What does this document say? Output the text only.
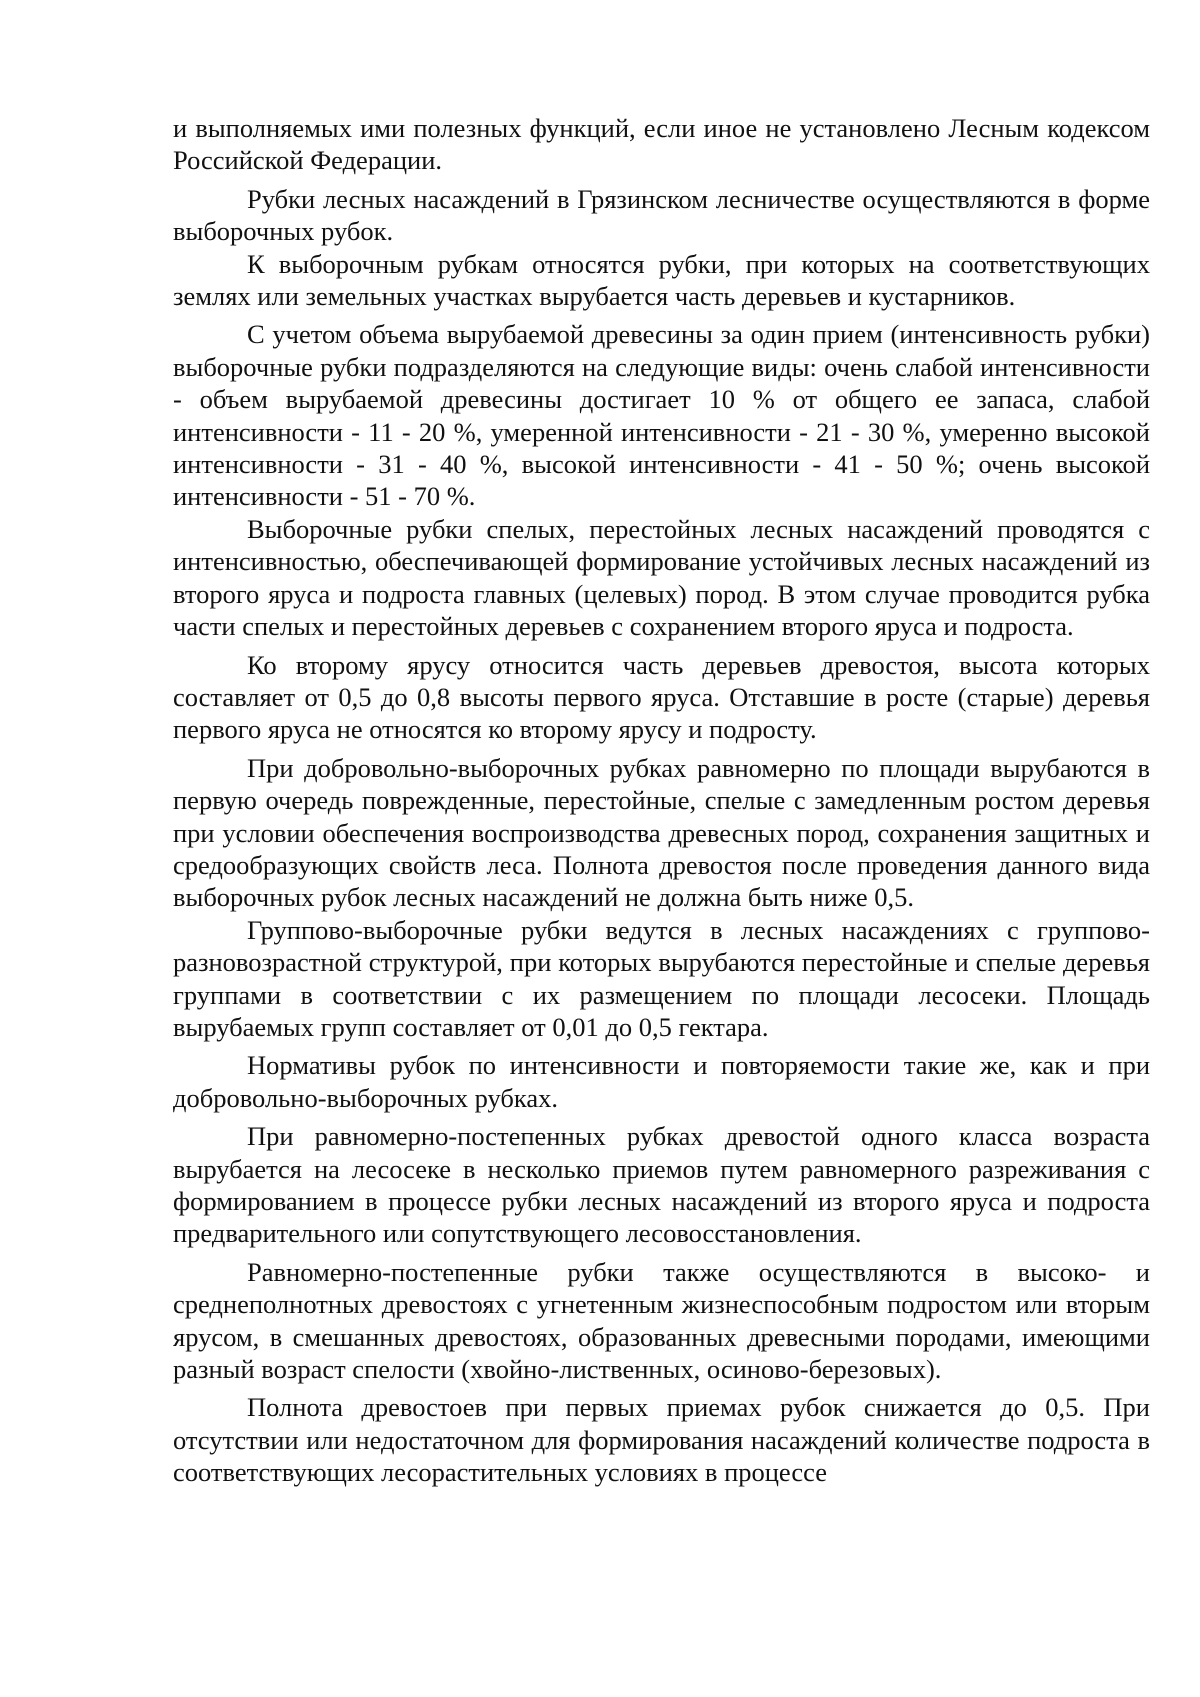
и выполняемых ими полезных функций, если иное не установлено Лесным кодексом Российской Федерации.

Рубки лесных насаждений в Грязинском лесничестве осуществляются в форме выборочных рубок.

К выборочным рубкам относятся рубки, при которых на соответствующих землях или земельных участках вырубается часть деревьев и кустарников.

С учетом объема вырубаемой древесины за один прием (интенсивность рубки) выборочные рубки подразделяются на следующие виды: очень слабой интенсивности - объем вырубаемой древесины достигает 10 % от общего ее запаса, слабой интенсивности - 11 - 20 %, умеренной интенсивности - 21 - 30 %, умеренно высокой интенсивности - 31 - 40 %, высокой интенсивности - 41 - 50 %; очень высокой интенсивности - 51 - 70 %.

Выборочные рубки спелых, перестойных лесных насаждений проводятся с интенсивностью, обеспечивающей формирование устойчивых лесных насаждений из второго яруса и подроста главных (целевых) пород. В этом случае проводится рубка части спелых и перестойных деревьев с сохранением второго яруса и подроста.

Ко второму ярусу относится часть деревьев древостоя, высота которых составляет от 0,5 до 0,8 высоты первого яруса. Отставшие в росте (старые) деревья первого яруса не относятся ко второму ярусу и подросту.

При добровольно-выборочных рубках равномерно по площади вырубаются в первую очередь поврежденные, перестойные, спелые с замедленным ростом деревья при условии обеспечения воспроизводства древесных пород, сохранения защитных и средообразующих свойств леса. Полнота древостоя после проведения данного вида выборочных рубок лесных насаждений не должна быть ниже 0,5.

Группово-выборочные рубки ведутся в лесных насаждениях с группово-разновозрастной структурой, при которых вырубаются перестойные и спелые деревья группами в соответствии с их размещением по площади лесосеки. Площадь вырубаемых групп составляет от 0,01 до 0,5 гектара.

Нормативы рубок по интенсивности и повторяемости такие же, как и при добровольно-выборочных рубках.

При равномерно-постепенных рубках древостой одного класса возраста вырубается на лесосеке в несколько приемов путем равномерного разреживания с формированием в процессе рубки лесных насаждений из второго яруса и подроста предварительного или сопутствующего лесовосстановления.

Равномерно-постепенные рубки также осуществляются в высоко- и среднеполнотных древостоях с угнетенным жизнеспособным подростом или вторым ярусом, в смешанных древостоях, образованных древесными породами, имеющими разный возраст спелости (хвойно-лиственных, осиново-березовых).

Полнота древостоев при первых приемах рубок снижается до 0,5. При отсутствии или недостаточном для формирования насаждений количестве подроста в соответствующих лесорастительных условиях в процессе
